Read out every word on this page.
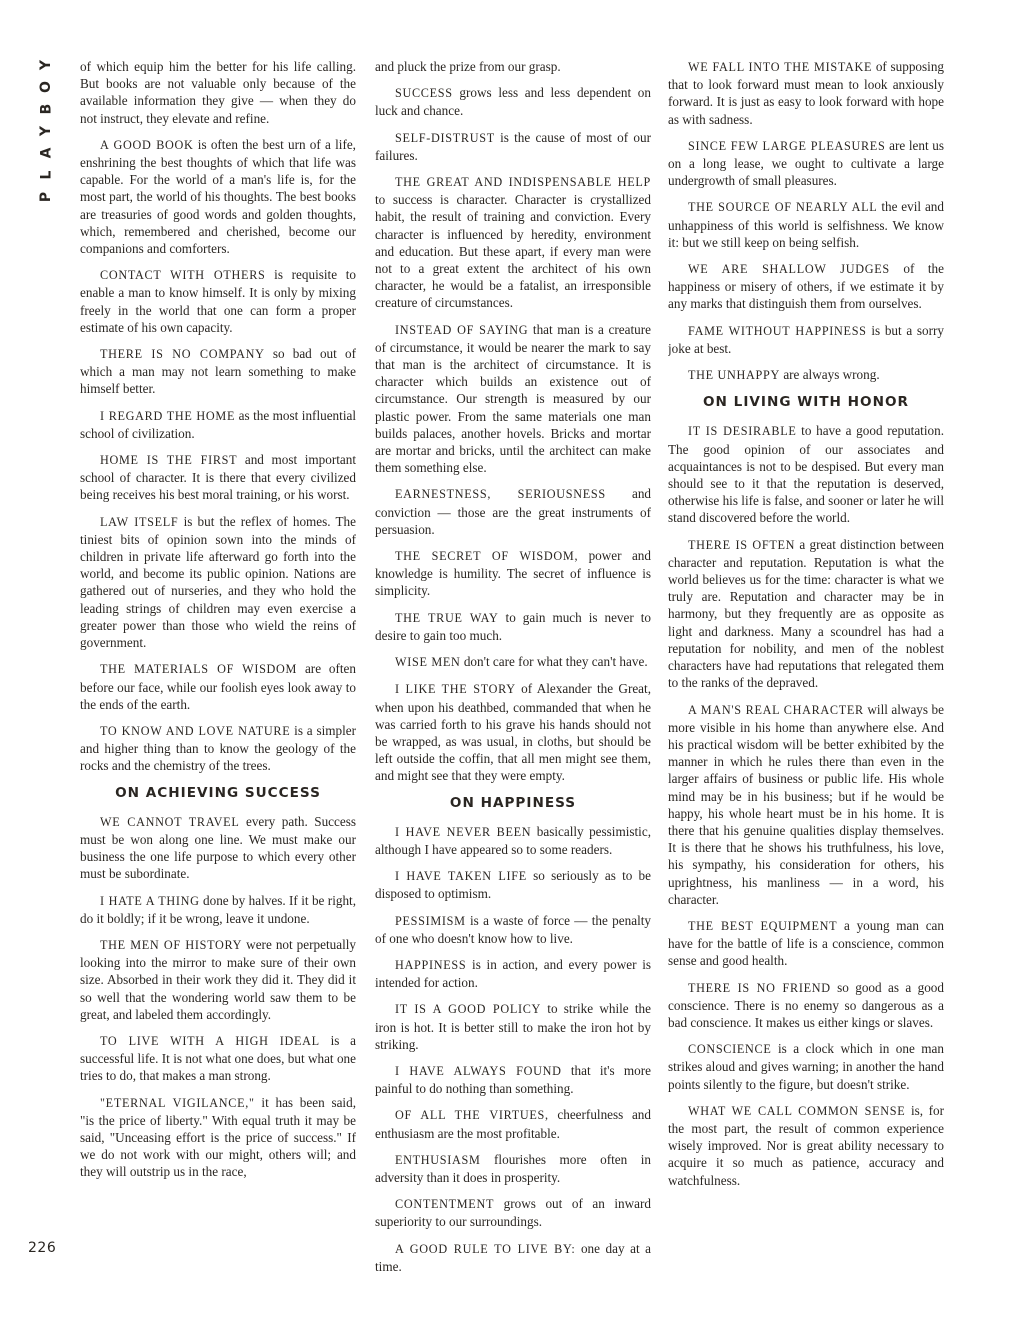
Y
O
B
Y
A
L
P
226

of which equip him the better for his life calling. But books are not valuable only because of the available information they give — when they do not instruct, they elevate and refine.

A GOOD BOOK is often the best urn of a life, enshrining the best thoughts of which that life was capable. For the world of a man's life is, for the most part, the world of his thoughts. The best books are treasuries of good words and golden thoughts, which, remembered and cherished, become our companions and comforters.

CONTACT WITH OTHERS is requisite to enable a man to know himself. It is only by mixing freely in the world that one can form a proper estimate of his own capacity.

THERE IS NO COMPANY so bad out of which a man may not learn something to make himself better.

I REGARD THE HOME as the most influential school of civilization.

HOME IS THE FIRST and most important school of character. It is there that every civilized being receives his best moral training, or his worst.

LAW ITSELF is but the reflex of homes. The tiniest bits of opinion sown into the minds of children in private life afterward go forth into the world, and become its public opinion. Nations are gathered out of nurseries, and they who hold the leading strings of children may even exercise a greater power than those who wield the reins of government.

THE MATERIALS OF WISDOM are often before our face, while our foolish eyes look away to the ends of the earth.

TO KNOW AND LOVE NATURE is a simpler and higher thing than to know the geology of the rocks and the chemistry of the trees.

ON ACHIEVING SUCCESS

WE CANNOT TRAVEL every path. Success must be won along one line. We must make our business the one life purpose to which every other must be subordinate.

I HATE A THING done by halves. If it be right, do it boldly; if it be wrong, leave it undone.

THE MEN OF HISTORY were not perpetually looking into the mirror to make sure of their own size. Absorbed in their work they did it. They did it so well that the wondering world saw them to be great, and labeled them accordingly.

TO LIVE WITH A HIGH IDEAL is a successful life. It is not what one does, but what one tries to do, that makes a man strong.

"ETERNAL VIGILANCE," it has been said, "is the price of liberty." With equal truth it may be said, "Unceasing effort is the price of success." If we do not work with our might, others will; and they will outstrip us in the race,

and pluck the prize from our grasp.

SUCCESS grows less and less dependent on luck and chance.

SELF-DISTRUST is the cause of most of our failures.

THE GREAT AND INDISPENSABLE HELP to success is character. Character is crystallized habit, the result of training and conviction. Every character is influenced by heredity, environment and education. But these apart, if every man were not to a great extent the architect of his own character, he would be a fatalist, an irresponsible creature of circumstances.

INSTEAD OF SAYING that man is a creature of circumstance, it would be nearer the mark to say that man is the architect of circumstance. It is character which builds an existence out of circumstance. Our strength is measured by our plastic power. From the same materials one man builds palaces, another hovels. Bricks and mortar are mortar and bricks, until the architect can make them something else.

EARNESTNESS, SERIOUSNESS and conviction — those are the great instruments of persuasion.

THE SECRET OF WISDOM, power and knowledge is humility. The secret of influence is simplicity.

THE TRUE WAY to gain much is never to desire to gain too much.

WISE MEN don't care for what they can't have.

I LIKE THE STORY of Alexander the Great, when upon his deathbed, commanded that when he was carried forth to his grave his hands should not be wrapped, as was usual, in cloths, but should be left outside the coffin, that all men might see them, and might see that they were empty.

ON HAPPINESS

I HAVE NEVER BEEN basically pessimistic, although I have appeared so to some readers.

I HAVE TAKEN LIFE so seriously as to be disposed to optimism.

PESSIMISM is a waste of force — the penalty of one who doesn't know how to live.

HAPPINESS is in action, and every power is intended for action.

IT IS A GOOD POLICY to strike while the iron is hot. It is better still to make the iron hot by striking.

I HAVE ALWAYS FOUND that it's more painful to do nothing than something.

OF ALL THE VIRTUES, cheerfulness and enthusiasm are the most profitable.

ENTHUSIASM flourishes more often in adversity than it does in prosperity.

CONTENTMENT grows out of an inward superiority to our surroundings.

A GOOD RULE TO LIVE BY: one day at a time.

WE FALL INTO THE MISTAKE of supposing that to look forward must mean to look anxiously forward. It is just as easy to look forward with hope as with sadness.

SINCE FEW LARGE PLEASURES are lent us on a long lease, we ought to cultivate a large undergrowth of small pleasures.

THE SOURCE OF NEARLY ALL the evil and unhappiness of this world is selfishness. We know it: but we still keep on being selfish.

WE ARE SHALLOW JUDGES of the happiness or misery of others, if we estimate it by any marks that distinguish them from ourselves.

FAME WITHOUT HAPPINESS is but a sorry joke at best.

THE UNHAPPY are always wrong.

ON LIVING WITH HONOR

IT IS DESIRABLE to have a good reputation. The good opinion of our associates and acquaintances is not to be despised. But every man should see to it that the reputation is deserved, otherwise his life is false, and sooner or later he will stand discovered before the world.

THERE IS OFTEN a great distinction between character and reputation. Reputation is what the world believes us for the time: character is what we truly are. Reputation and character may be in harmony, but they frequently are as opposite as light and darkness. Many a scoundrel has had a reputation for nobility, and men of the noblest characters have had reputations that relegated them to the ranks of the depraved.

A MAN'S REAL CHARACTER will always be more visible in his home than anywhere else. And his practical wisdom will be better exhibited by the manner in which he rules there than even in the larger affairs of business or public life. His whole mind may be in his business; but if he would be happy, his whole heart must be in his home. It is there that his genuine qualities display themselves. It is there that he shows his truthfulness, his love, his sympathy, his consideration for others, his uprightness, his manliness — in a word, his character.

THE BEST EQUIPMENT a young man can have for the battle of life is a conscience, common sense and good health.

THERE IS NO FRIEND so good as a good conscience. There is no enemy so dangerous as a bad conscience. It makes us either kings or slaves.

CONSCIENCE is a clock which in one man strikes aloud and gives warning; in another the hand points silently to the figure, but doesn't strike.

WHAT WE CALL COMMON SENSE is, for the most part, the result of common experience wisely improved. Nor is great ability necessary to acquire it so much as patience, accuracy and watchfulness.
